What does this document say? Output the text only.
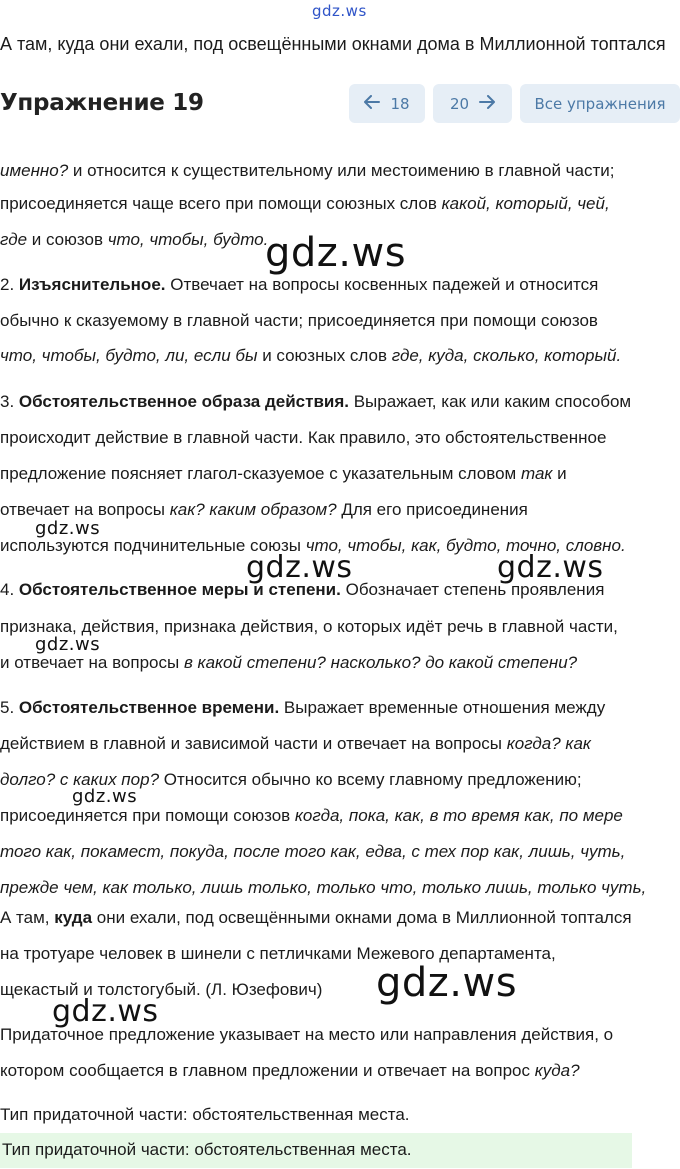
gdz.ws
gdz.ws
gdz.ws
gdz.ws	gdz.ws
gdz.ws
gdz.ws
gdz.ws
gdz.ws
А там, куда они ехали, под освещёнными окнами дома в Миллионной топтался
Упражнение 19	18	20	Все упражнения
именно? и относится к существительному или местоимению в главной части;
присоединяется чаще всего при помощи союзных слов какой, который, чей,
где и союзов что, чтобы, будто.
2. Изъяснительное. Отвечает на вопросы косвенных падежей и относится
обычно к сказуемому в главной части; присоединяется при помощи союзов
что, чтобы, будто, ли, если бы и союзных слов где, куда, сколько, который.
3. Обстоятельственное образа действия. Выражает, как или каким способом
происходит действие в главной части. Как правило, это обстоятельственное
предложение поясняет глагол-сказуемое с указательным словом так и
отвечает на вопросы как? каким образом? Для его присоединения
используются подчинительные союзы что, чтобы, как, будто, точно, словно.
4. Обстоятельственное меры и степени. Обозначает степень проявления
признака, действия, признака действия, о которых идёт речь в главной части,
и отвечает на вопросы в какой степени? насколько? до какой степени?
5. Обстоятельственное времени. Выражает временные отношения между
действием в главной и зависимой части и отвечает на вопросы когда? как
долго? с каких пор? Относится обычно ко всему главному предложению;
присоединяется при помощи союзов когда, пока, как, в то время как, по мере
того как, покамест, покуда, после того как, едва, с тех пор как, лишь, чуть,
прежде чем, как только, лишь только, только что, только лишь, только чуть,
А там, куда они ехали, под освещёнными окнами дома в Миллионной топтался
на тротуаре человек в шинели с петличками Межевого департамента,
щекастый и толстогубый. (Л. Юзефович)
Придаточное предложение указывает на место или направления действия, о
котором сообщается в главном предложении и отвечает на вопрос куда?
Тип придаточной части: обстоятельственная места.
Тип придаточной части: обстоятельственная места.
